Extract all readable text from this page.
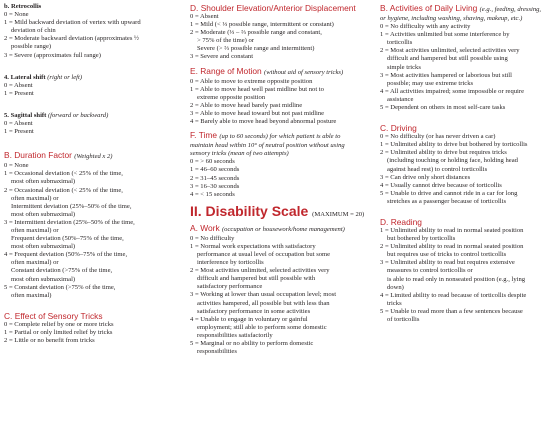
b. Retrocollis
0 = None
1 = Mild backward deviation of vertex with upward
deviation of chin
2 = Moderate backward deviation (approximates ½
possible range)
3 = Severe (approximates full range)
4. Lateral shift (right or left)
0 = Absent
1 = Present
5. Sagittal shift (forward or backward)
0 = Absent
1 = Present
B. Duration Factor (Weighted x 2)
0 = None
1 = Occasional deviation (< 25% of the time,
most often submaximal)
2 = Occasional deviation (< 25% of the time,
often maximal) or
Intermittent deviation (25%–50% of the time,
most often submaximal)
3 = Intermittent deviation (25%–50% of the time,
often maximal) or
Frequent deviation (50%–75% of the time,
most often submaximal)
4 = Frequent deviation (50%–75% of the time,
often maximal) or
Constant deviation (>75% of the time,
most often submaximal)
5 = Constant deviation (>75% of the time,
often maximal)
C. Effect of Sensory Tricks
0 = Complete relief by one or more tricks
1 = Partial or only limited relief by tricks
2 = Little or no benefit from tricks
D. Shoulder Elevation/Anterior Displacement
0 = Absent
1 = Mild (< ⅓ possible range, intermittent or constant)
2 = Moderate (⅓ – ⅔ possible range and constant,
> 75% of the time) or
Severe (> ⅔ possible range and intermittent)
3 = Severe and constant
E. Range of Motion (without aid of sensory tricks)
0 = Able to move to extreme opposite position
1 = Able to move head well past midline but not to
extreme opposite position
2 = Able to move head barely past midline
3 = Able to move head toward but not past midline
4 = Barely able to move head beyond abnormal posture
F. Time (up to 60 seconds) for which patient is able to
maintain head within 10° of neutral position without using
sensory tricks (mean of two attempts)
0 = > 60 seconds
1 = 46–60 seconds
2 = 31–45 seconds
3 = 16–30 seconds
4 = < 15 seconds
II. Disability Scale (MAXIMUM = 20)
A. Work (occupation or housework/home management)
0 = No difficulty
1 = Normal work expectations with satisfactory
performance at usual level of occupation but some
interference by torticollis
2 = Most activities unlimited, selected activities very
difficult and hampered but still possible with
satisfactory performance
3 = Working at lower than usual occupation level; most
activities hampered, all possible but with less than
satisfactory performance in some activities
4 = Unable to engage in voluntary or gainful
employment; still able to perform some domestic
responsibilities satisfactorily
5 = Marginal or no ability to perform domestic
responsibilities
B. Activities of Daily Living (e.g., feeding, dressing,
or hygiene, including washing, shaving, makeup, etc.)
0 = No difficulty with any activity
1 = Activities unlimited but some interference by
torticollis
2 = Most activities unlimited, selected activities very
difficult and hampered but still possible using
simple tricks
3 = Most activities hampered or laborious but still
possible; may use extreme tricks
4 = All activities impaired; some impossible or require
assistance
5 = Dependent on others in most self-care tasks
C. Driving
0 = No difficulty (or has never driven a car)
1 = Unlimited ability to drive but bothered by torticollis
2 = Unlimited ability to drive but requires tricks
(including touching or holding face, holding head
against head rest) to control torticollis
3 = Can drive only short distances
4 = Usually cannot drive because of torticollis
5 = Unable to drive and cannot ride in a car for long
stretches as a passenger because of torticollis
D. Reading
1 = Unlimited ability to read in normal seated position
but bothered by torticollis
2 = Unlimited ability to read in normal seated position
but requires use of tricks to control torticollis
3 = Unlimited ability to read but requires extensive
measures to control torticollis or
is able to read only in nonseated position (e.g., lying
down)
4 = Limited ability to read because of torticollis despite
tricks
5 = Unable to read more than a few sentences because
of torticollis
